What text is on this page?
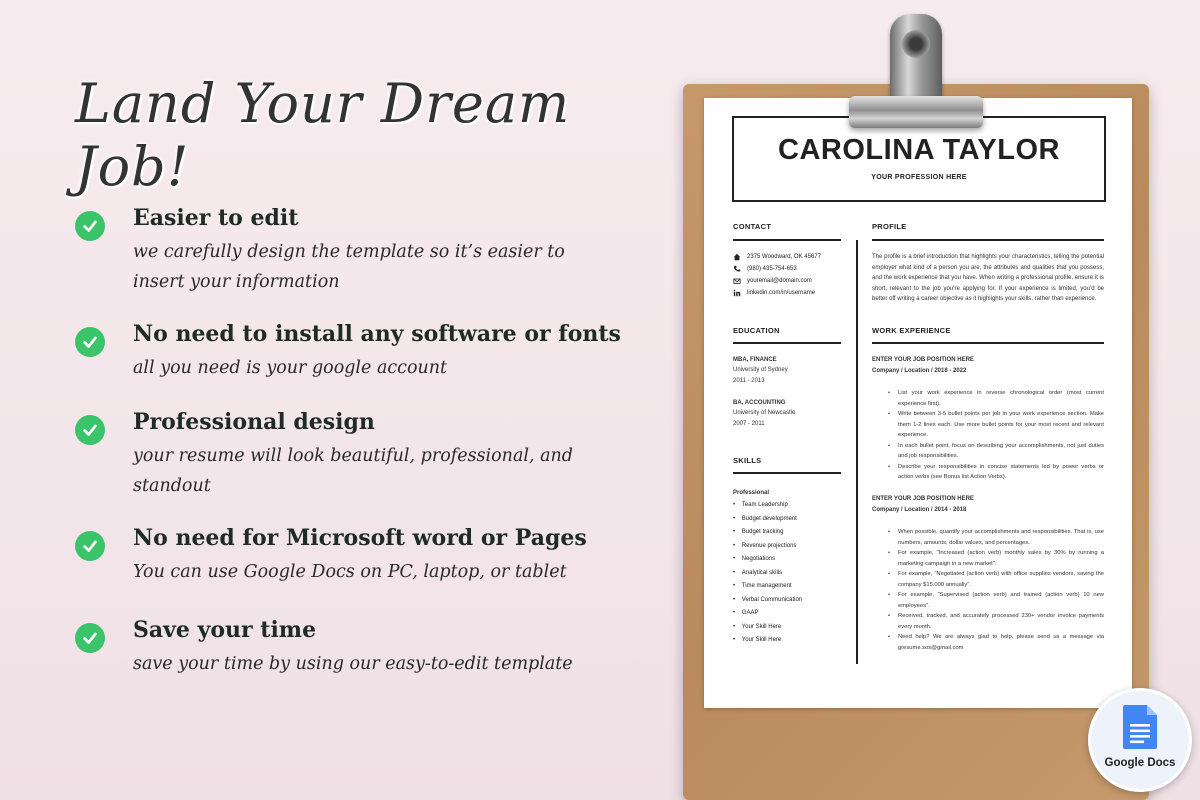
Land Your Dream Job!
Easier to edit
we carefully design the template so it’s easier to insert your information
No need to install any software or fonts
all you need is your google account
Professional design
your resume will look beautiful, professional, and standout
No need for Microsoft word or Pages
You can use Google Docs on PC, laptop, or tablet
Save your time
save your time by using our easy-to-edit template
CAROLINA TAYLOR
YOUR PROFESSION HERE
CONTACT
2375 Woodward, OK 45677
(980) 435-754-653
youremail@domain.com
linkedin.com/in/username
EDUCATION
MBA, FINANCE
University of Sydney
2011 - 2013
BA, ACCOUNTING
University of Newcastle
2007 - 2011
SKILLS
Professional
•    Team Leadership
•    Budget development
•    Budget tracking
•    Revenue projections
•    Negotiations
•    Analytical skills
•    Time management
•    Verbal Communication
•    GAAP
•    Your Skill Here
•    Your Skill Here
PROFILE
The profile is a brief introduction that highlights your characteristics, telling the potential employer what kind of a person you are, the attributes and qualities that you possess, and the work experience that you have. When writing a professional profile, ensure it is short, relevant to the job you’re applying for. If your experience is limited, you’d be better off writing a career objective as it highlights your skills, rather than experience.
WORK EXPERIENCE
ENTER YOUR JOB POSITION HERE
Company / Location / 2018 - 2022
• List your work experience in reverse chronological order (most current experience first).
• Write between 3-5 bullet points per job in your work experience section. Make them 1-2 lines each. Use more bullet points for your most recent and relevant experience.
• In each bullet point, focus on describing your accomplishments, not just duties and job responsibilities.
• Describe your responsibilities in concise statements led by power verbs or action verbs (see Bonus list Action Verbs).
ENTER YOUR JOB POSITION HERE
Company / Location / 2014 - 2018
• When possible, quantify your accomplishments and responsibilities. That is, use numbers, amounts, dollar values, and percentages.
• For example, "Increased (action verb) monthly sales by 30% by running a marketing campaign in a new market".
• For example, "Negotiated (action verb) with office supplies vendors, saving the company $15.000 annually".
• For example, "Supervised (action verb) and trained (action verb) 10 new employees".
• Received, tracked, and accurately processed 230+ vendor invoice payments every month.
• Need help? We are always glad to help, please send us a message via gresume.sos@gmail.com
Google Docs
